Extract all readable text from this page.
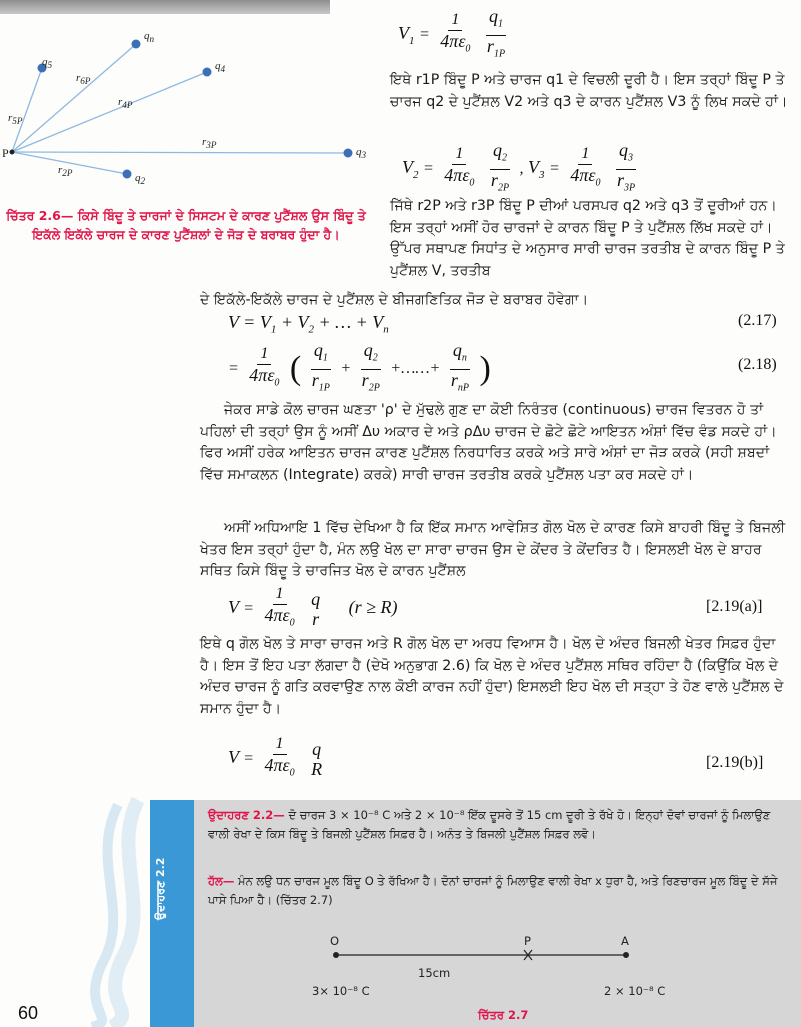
P
$q_5$
$q_n$
$q_4$
$q_3$
$q_2$
$r_{5P}$
$r_{6P}$
$r_{4P}$
$r_{3P}$
$r_{2P}$
ਚਿੱਤਰ 2.6— ਕਿਸੇ ਬਿੰਦੂ ਤੇ ਚਾਰਜਾਂ ਦੇ ਸਿਸਟਮ ਦੇ ਕਾਰਣ ਪੁਟੈਂਸ਼ਲ ਉਸ ਬਿੰਦੂ ਤੇ ਇਕੱਲੇ ਇਕੱਲੇ ਚਾਰਜ ਦੇ ਕਾਰਣ ਪੁਟੈਂਸ਼ਲਾਂ ਦੇ ਜੋੜ ਦੇ ਬਰਾਬਰ ਹੁੰਦਾ ਹੈ।
$V_1 = \frac{1}{4\pi\varepsilon_0}$
$\frac{q_1}{r_{1P}}$
ਇਥੇ r1P ਬਿੰਦੂ P ਅਤੇ ਚਾਰਜ q1 ਦੇ ਵਿਚਲੀ ਦੂਰੀ ਹੈ। ਇਸ ਤਰ੍ਹਾਂ ਬਿੰਦੂ P ਤੇ ਚਾਰਜ q2 ਦੇ ਪੁਟੈਂਸ਼ਲ V2 ਅਤੇ q3 ਦੇ ਕਾਰਨ ਪੁਟੈਂਸ਼ਲ V3 ਨੂੰ ਲਿਖ ਸਕਦੇ ਹਾਂ।
$V_2 = \frac{1}{4\pi\varepsilon_0}$
$\frac{q_2}{r_{2P}}$ , $V_3 = \frac{1}{4\pi\varepsilon_0}$
$\frac{q_3}{r_{3P}}$
ਜਿੱਥੇ r2P ਅਤੇ r3P ਬਿੰਦੂ P ਦੀਆਂ ਪਰਸਪਰ q2 ਅਤੇ q3 ਤੋਂ ਦੂਰੀਆਂ ਹਨ। ਇਸ ਤਰ੍ਹਾਂ ਅਸੀਂ ਹੋਰ ਚਾਰਜਾਂ ਦੇ ਕਾਰਨ ਬਿੰਦੂ P ਤੇ ਪੁਟੈਂਸ਼ਲ ਲਿੱਖ ਸਕਦੇ ਹਾਂ। ਉੱਪਰ ਸਥਾਪਣ ਸਿਧਾਂਤ ਦੇ ਅਨੁਸਾਰ ਸਾਰੀ ਚਾਰਜ ਤਰਤੀਬ ਦੇ ਕਾਰਨ ਬਿੰਦੂ P ਤੇ ਪੁਟੈਂਸ਼ਲ V, ਤਰਤੀਬ
ਦੇ ਇਕੱਲੇ-ਇਕੱਲੇ ਚਾਰਜ ਦੇ ਪੁਟੈਂਸ਼ਲ ਦੇ ਬੀਜਗਣਿਤਿਕ ਜੋੜ ਦੇ ਬਰਾਬਰ ਹੋਵੇਗਾ।
$V = V_1 + V_2$ + … + $V_n$
(2.17)
= $\frac{1}{4\pi\varepsilon_0}$ ( $\frac{q_1}{r_{1P}} + \frac{q_2}{r_{2P}}$ +……+ $\frac{q_n}{r_{nP}}$ )	(2.18)
ਜੇਕਰ ਸਾਡੇ ਕੋਲ ਚਾਰਜ ਘਣਤਾ 'ρ' ਦੇ ਮੁੱਢਲੇ ਗੁਣ ਦਾ ਕੋਈ ਨਿਰੰਤਰ (continuous) ਚਾਰਜ ਵਿਤਰਨ ਹੋ ਤਾਂ ਪਹਿਲਾਂ ਦੀ ਤਰ੍ਹਾਂ ਉਸ ਨੂੰ ਅਸੀਂ Δυ ਅਕਾਰ ਦੇ ਅਤੇ ρΔυ ਚਾਰਜ ਦੇ ਛੋਟੇ ਛੋਟੇ ਆਇਤਨ ਅੰਸ਼ਾਂ ਵਿੱਚ ਵੰਡ ਸਕਦੇ ਹਾਂ। ਫਿਰ ਅਸੀਂ ਹਰੇਕ ਆਇਤਨ ਚਾਰਜ ਕਾਰਣ ਪੁਟੈਂਸ਼ਲ ਨਿਰਧਾਰਿਤ ਕਰਕੇ ਅਤੇ ਸਾਰੇ ਅੰਸ਼ਾਂ ਦਾ ਜੋੜ ਕਰਕੇ (ਸਹੀ ਸ਼ਬਦਾਂ ਵਿੱਚ ਸਮਾਕਲਨ (Integrate) ਕਰਕੇ) ਸਾਰੀ ਚਾਰਜ ਤਰਤੀਬ ਕਰਕੇ ਪੁਟੈਂਸ਼ਲ ਪਤਾ ਕਰ ਸਕਦੇ ਹਾਂ।
ਅਸੀਂ ਅਧਿਆਇ 1 ਵਿੱਚ ਦੇਖਿਆ ਹੈ ਕਿ ਇੱਕ ਸਮਾਨ ਆਵੇਸ਼ਿਤ ਗੋਲ ਖੋਲ ਦੇ ਕਾਰਣ ਕਿਸੇ ਬਾਹਰੀ ਬਿੰਦੂ ਤੇ ਬਿਜਲੀ ਖੇਤਰ ਇਸ ਤਰ੍ਹਾਂ ਹੁੰਦਾ ਹੈ, ਮੰਨ ਲਉ ਖੋਲ ਦਾ ਸਾਰਾ ਚਾਰਜ ਉਸ ਦੇ ਕੇਂਦਰ ਤੇ ਕੇਂਦਰਿਤ ਹੈ। ਇਸਲਈ ਖੋਲ ਦੇ ਬਾਹਰ ਸਥਿਤ ਕਿਸੇ ਬਿੰਦੂ ਤੇ ਚਾਰਜਿਤ ਖੋਲ ਦੇ ਕਾਰਨ ਪੁਟੈਂਸ਼ਲ
$V = \frac{1}{4\pi\varepsilon_0}$
q
r
(r ≥ R)	[2.19(a)]
ਇਥੇ q ਗੋਲ ਖੋਲ ਤੇ ਸਾਰਾ ਚਾਰਜ ਅਤੇ R ਗੋਲ ਖੋਲ ਦਾ ਅਰਧ ਵਿਆਸ ਹੈ। ਖੋਲ ਦੇ ਅੰਦਰ ਬਿਜਲੀ ਖੇਤਰ ਸਿਫ਼ਰ ਹੁੰਦਾ ਹੈ। ਇਸ ਤੋਂ ਇਹ ਪਤਾ ਲੱਗਦਾ ਹੈ (ਦੇਖੋ ਅਨੁਭਾਗ 2.6) ਕਿ ਖੋਲ ਦੇ ਅੰਦਰ ਪੁਟੈਂਸ਼ਲ ਸਥਿਰ ਰਹਿੰਦਾ ਹੈ (ਕਿਉਂਕਿ ਖੋਲ ਦੇ ਅੰਦਰ ਚਾਰਜ ਨੂੰ ਗਤਿ ਕਰਵਾਉਣ ਨਾਲ ਕੋਈ ਕਾਰਜ ਨਹੀਂ ਹੁੰਦਾ) ਇਸਲਈ ਇਹ ਖੋਲ ਦੀ ਸਤ੍ਹਾ ਤੇ ਹੋਣ ਵਾਲੇ ਪੁਟੈਂਸ਼ਲ ਦੇ ਸਮਾਨ ਹੁੰਦਾ ਹੈ।
$V = \frac{1}{4\pi\varepsilon_0}$
q
R	[2.19(b)]
ਉਦਾਹਰਣ 2.2
ਉਦਾਹਰਣ 2.2— ਦੋ ਚਾਰਜ 3 × 10⁻⁸ C ਅਤੇ 2 × 10⁻⁸ ਇੱਕ ਦੂਸਰੇ ਤੋਂ 15 cm ਦੂਰੀ ਤੇ ਰੱਖੇ ਹੋ। ਇਨ੍ਹਾਂ ਦੋਵਾਂ ਚਾਰਜਾਂ ਨੂੰ ਮਿਲਾਉਣ ਵਾਲੀ ਰੇਖਾ ਦੇ ਕਿਸ ਬਿੰਦੂ ਤੇ ਬਿਜਲੀ ਪੁਟੈਂਸ਼ਲ ਸਿਫ਼ਰ ਹੈ। ਅਨੰਤ ਤੇ ਬਿਜਲੀ ਪੁਟੈਂਸ਼ਲ ਸਿਫ਼ਰ ਲਵੋ।
ਹੱਲ— ਮੰਨ ਲਉ ਧਨ ਚਾਰਜ ਮੂਲ ਬਿੰਦੂ O ਤੇ ਰੱਖਿਆ ਹੈ। ਦੋਨਾਂ ਚਾਰਜਾਂ ਨੂੰ ਮਿਲਾਉਣ ਵਾਲੀ ਰੇਖਾ x ਧੁਰਾ ਹੈ, ਅਤੇ ਰਿਣਚਾਰਜ ਮੂਲ ਬਿੰਦੂ ਦੇ ਸੱਜੇ ਪਾਸੇ ਪਿਆ ਹੈ। (ਚਿੱਤਰ 2.7)
O	P	A
15cm
3× 10⁻⁸ C	2 × 10⁻⁸ C
ਚਿੱਤਰ 2.7
60
